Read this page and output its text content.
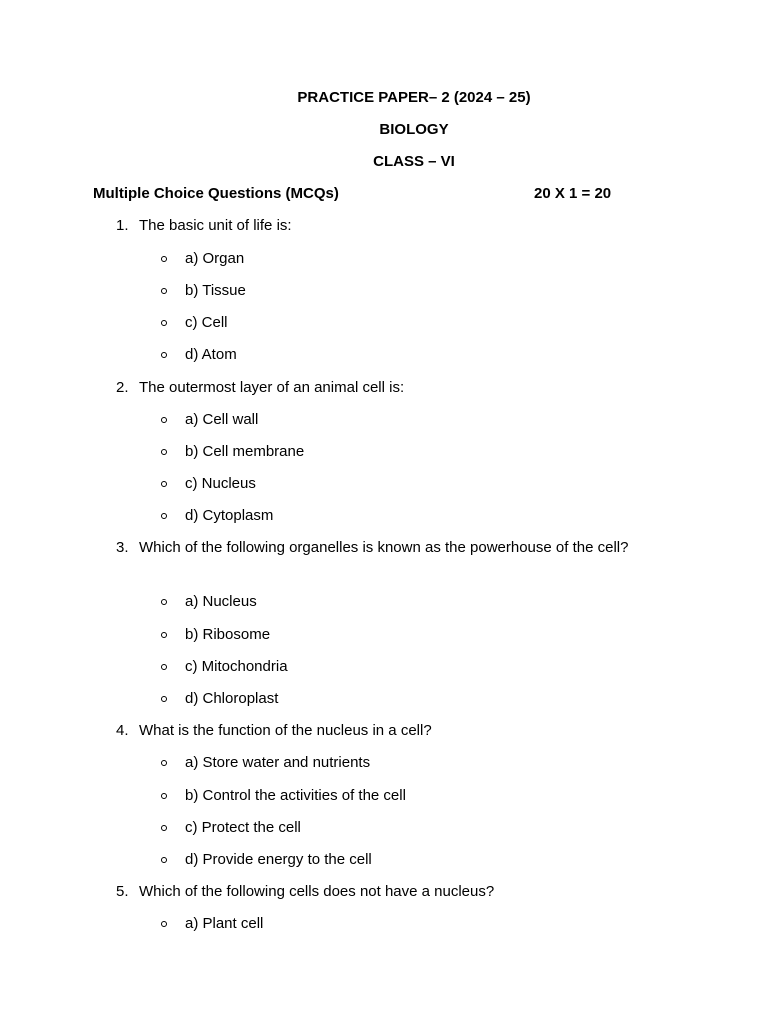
PRACTICE PAPER– 2 (2024 – 25)
BIOLOGY
CLASS – VI
Multiple Choice Questions (MCQs)	20 X 1 = 20
1. The basic unit of life is:
a) Organ
b) Tissue
c) Cell
d) Atom
2. The outermost layer of an animal cell is:
a) Cell wall
b) Cell membrane
c) Nucleus
d) Cytoplasm
3. Which of the following organelles is known as the powerhouse of the cell?
a) Nucleus
b) Ribosome
c) Mitochondria
d) Chloroplast
4. What is the function of the nucleus in a cell?
a) Store water and nutrients
b) Control the activities of the cell
c) Protect the cell
d) Provide energy to the cell
5. Which of the following cells does not have a nucleus?
a) Plant cell
